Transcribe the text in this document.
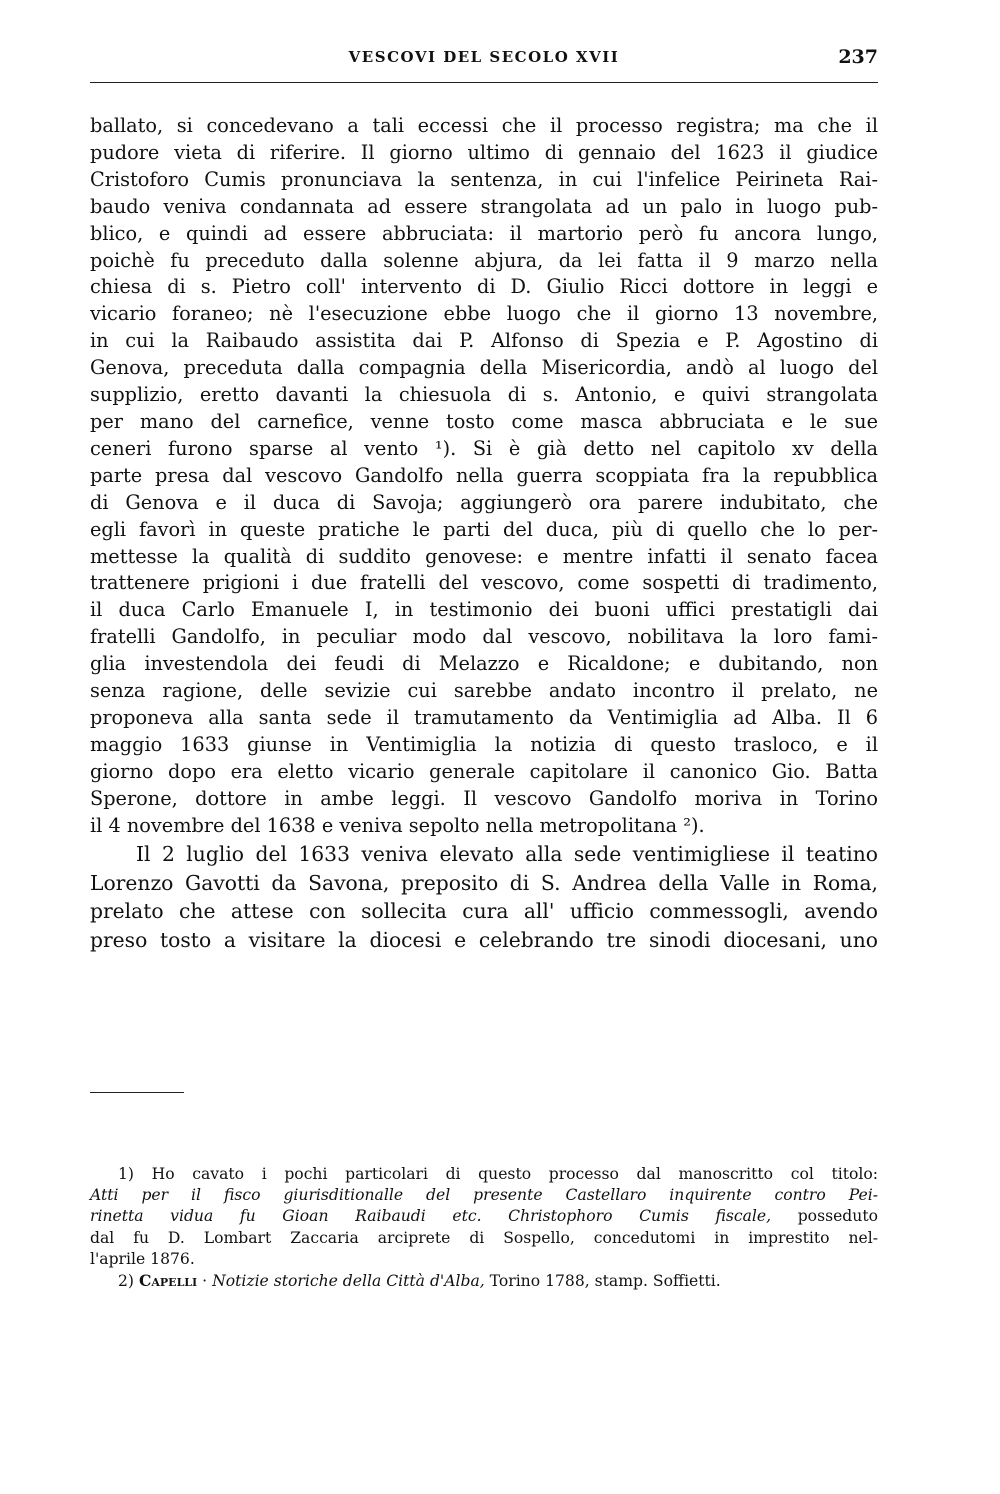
VESCOVI DEL SECOLO XVII	237
ballato, si concedevano a tali eccessi che il processo registra; ma che il
pudore vieta di riferire. Il giorno ultimo di gennaio del 1623 il giudice
Cristoforo Cumis pronunciava la sentenza, in cui l'infelice Peirineta Rai-
baudo veniva condannata ad essere strangolata ad un palo in luogo pub-
blico, e quindi ad essere abbruciata: il martorio però fu ancora lungo,
poichè fu preceduto dalla solenne abjura, da lei fatta il 9 marzo nella
chiesa di s. Pietro coll' intervento di D. Giulio Ricci dottore in leggi e
vicario foraneo; nè l'esecuzione ebbe luogo che il giorno 13 novembre,
in cui la Raibaudo assistita dai P. Alfonso di Spezia e P. Agostino di
Genova, preceduta dalla compagnia della Misericordia, andò al luogo del
supplizio, eretto davanti la chiesuola di s. Antonio, e quivi strangolata
per mano del carnefice, venne tosto come masca abbruciata e le sue
ceneri furono sparse al vento ¹). Si è già detto nel capitolo xv della
parte presa dal vescovo Gandolfo nella guerra scoppiata fra la repubblica
di Genova e il duca di Savoja; aggiungerò ora parere indubitato, che
egli favorì in queste pratiche le parti del duca, più di quello che lo per-
mettesse la qualità di suddito genovese: e mentre infatti il senato facea
trattenere prigioni i due fratelli del vescovo, come sospetti di tradimento,
il duca Carlo Emanuele I, in testimonio dei buoni uffici prestatigli dai
fratelli Gandolfo, in peculiar modo dal vescovo, nobilitava la loro fami-
glia investendola dei feudi di Melazzo e Ricaldone; e dubitando, non
senza ragione, delle sevizie cui sarebbe andato incontro il prelato, ne
proponeva alla santa sede il tramutamento da Ventimiglia ad Alba. Il 6
maggio 1633 giunse in Ventimiglia la notizia di questo trasloco, e il
giorno dopo era eletto vicario generale capitolare il canonico Gio. Batta
Sperone, dottore in ambe leggi. Il vescovo Gandolfo moriva in Torino
il 4 novembre del 1638 e veniva sepolto nella metropolitana ²).
Il 2 luglio del 1633 veniva elevato alla sede ventimigliese il teatino
Lorenzo Gavotti da Savona, preposito di S. Andrea della Valle in Roma,
prelato che attese con sollecita cura all' ufficio commessogli, avendo
preso tosto a visitare la diocesi e celebrando tre sinodi diocesani, uno
1) Ho cavato i pochi particolari di questo processo dal manoscritto col titolo:
Atti per il fisco giurisditionalle del presente Castellaro inquirente contro Pei-
rinetta vidua fu Gioan Raibaudi etc. Christophoro Cumis fiscale, posseduto
dal fu D. Lombart Zaccaria arciprete di Sospello, concedutomi in imprestito nel-
l'aprile 1876.
2) Capelli · Notizie storiche della Città d'Alba, Torino 1788, stamp. Soffietti.
